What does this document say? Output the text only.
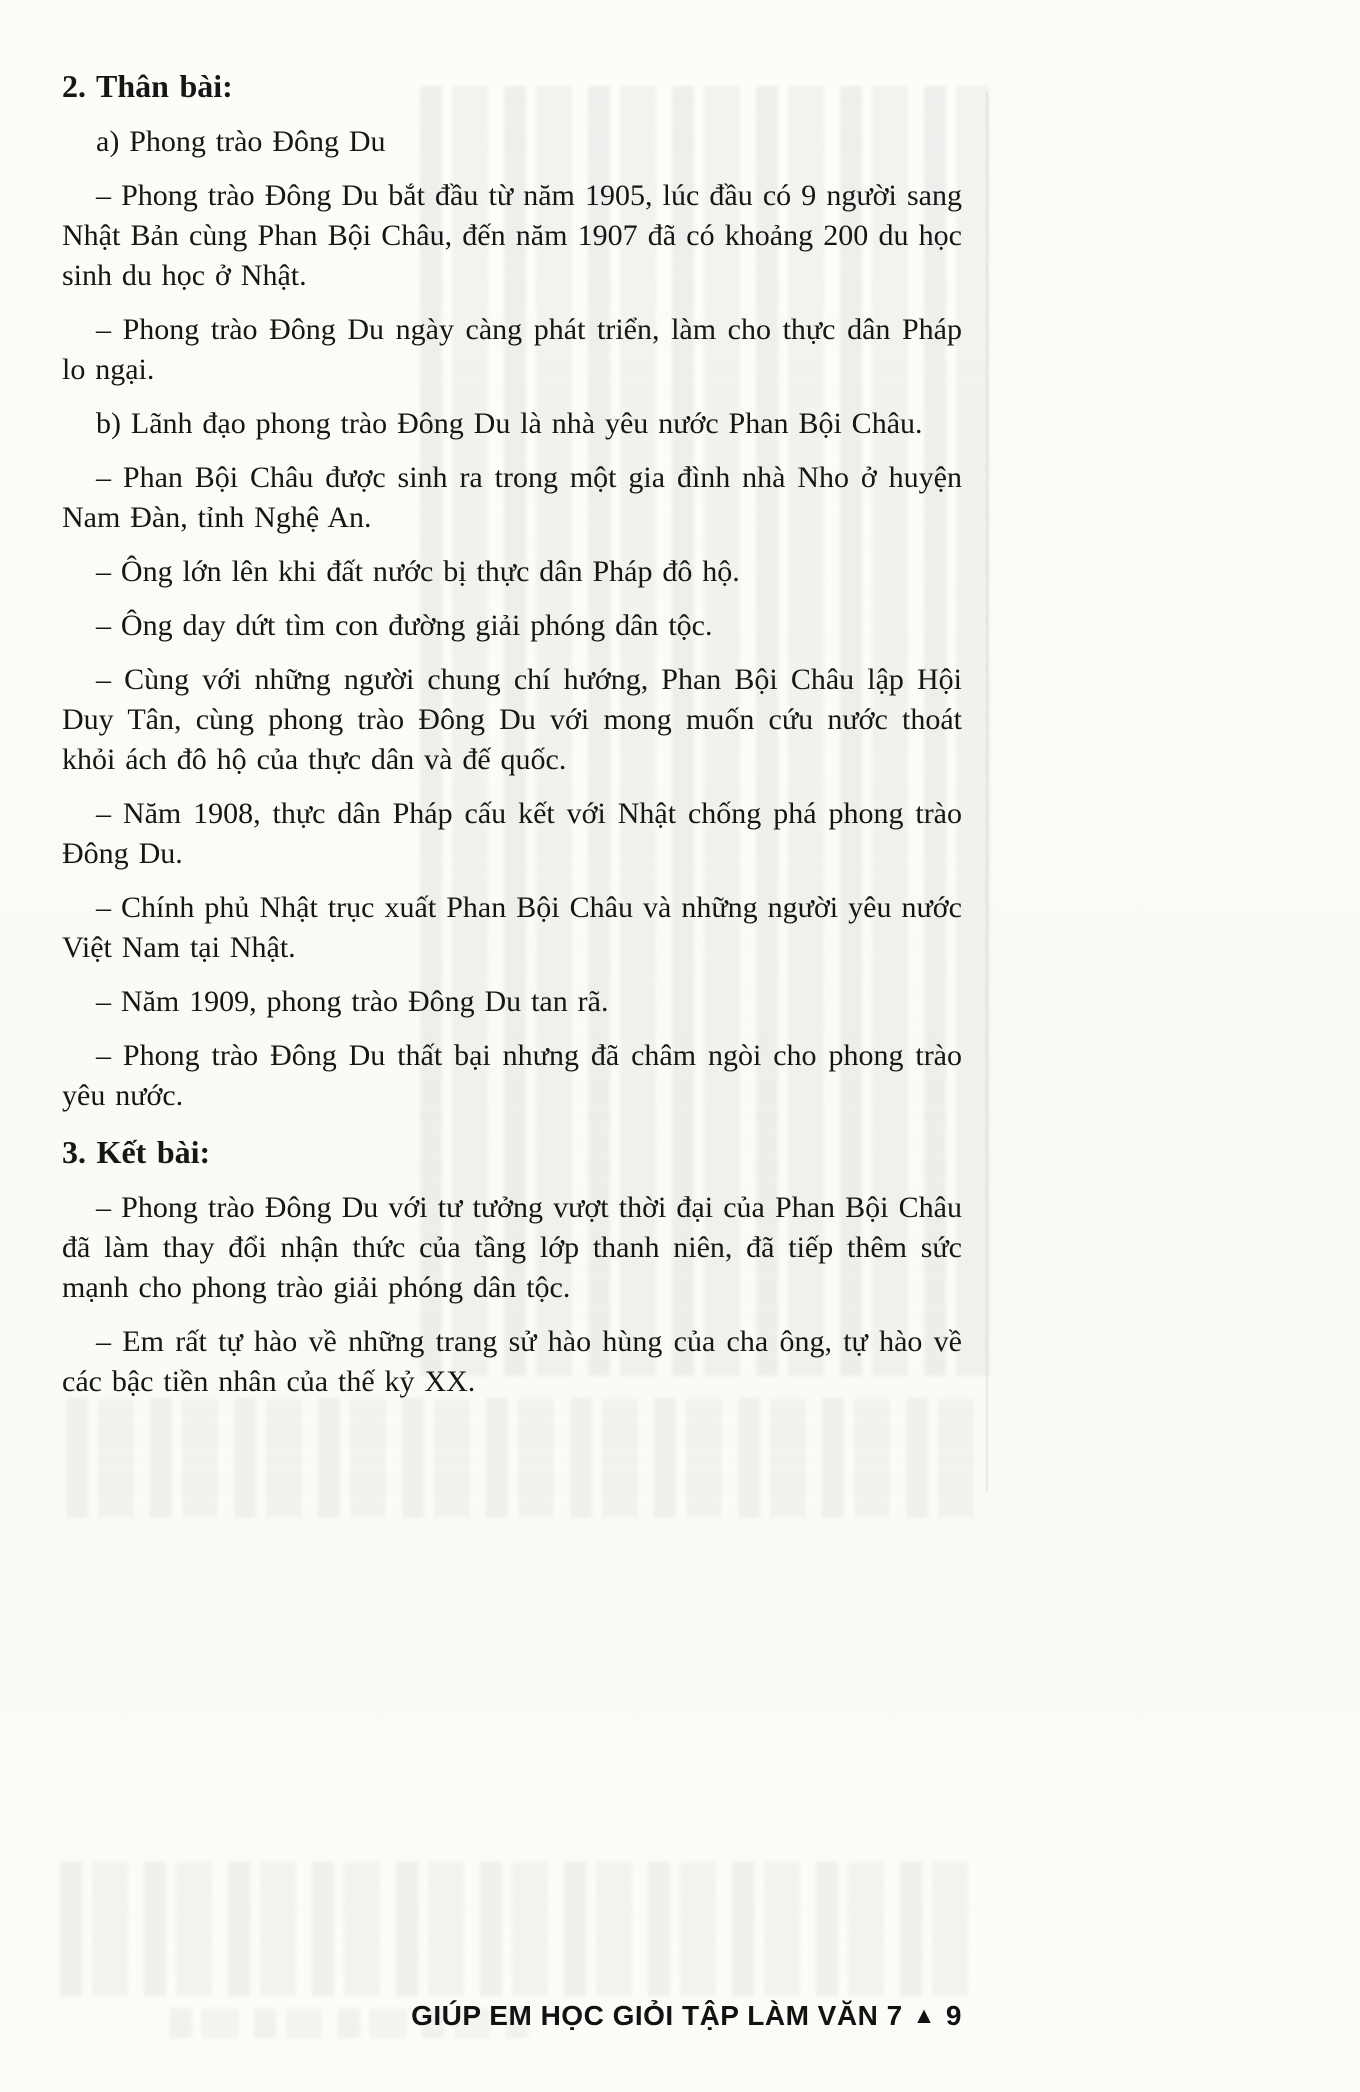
2. Thân bài:

a) Phong trào Đông Du

– Phong trào Đông Du bắt đầu từ năm 1905, lúc đầu có 9 người sang Nhật Bản cùng Phan Bội Châu, đến năm 1907 đã có khoảng 200 du học sinh du học ở Nhật.

– Phong trào Đông Du ngày càng phát triển, làm cho thực dân Pháp lo ngại.

b) Lãnh đạo phong trào Đông Du là nhà yêu nước Phan Bội Châu.

– Phan Bội Châu được sinh ra trong một gia đình nhà Nho ở huyện Nam Đàn, tỉnh Nghệ An.

– Ông lớn lên khi đất nước bị thực dân Pháp đô hộ.

– Ông day dứt tìm con đường giải phóng dân tộc.

– Cùng với những người chung chí hướng, Phan Bội Châu lập Hội Duy Tân, cùng phong trào Đông Du với mong muốn cứu nước thoát khỏi ách đô hộ của thực dân và đế quốc.

– Năm 1908, thực dân Pháp cấu kết với Nhật chống phá phong trào Đông Du.

– Chính phủ Nhật trục xuất Phan Bội Châu và những người yêu nước Việt Nam tại Nhật.

– Năm 1909, phong trào Đông Du tan rã.

– Phong trào Đông Du thất bại nhưng đã châm ngòi cho phong trào yêu nước.

3. Kết bài:

– Phong trào Đông Du với tư tưởng vượt thời đại của Phan Bội Châu đã làm thay đổi nhận thức của tầng lớp thanh niên, đã tiếp thêm sức mạnh cho phong trào giải phóng dân tộc.

– Em rất tự hào về những trang sử hào hùng của cha ông, tự hào về các bậc tiền nhân của thế kỷ XX.

GIÚP EM HỌC GIỎI TẬP LÀM VĂN 7 ▲ 9
